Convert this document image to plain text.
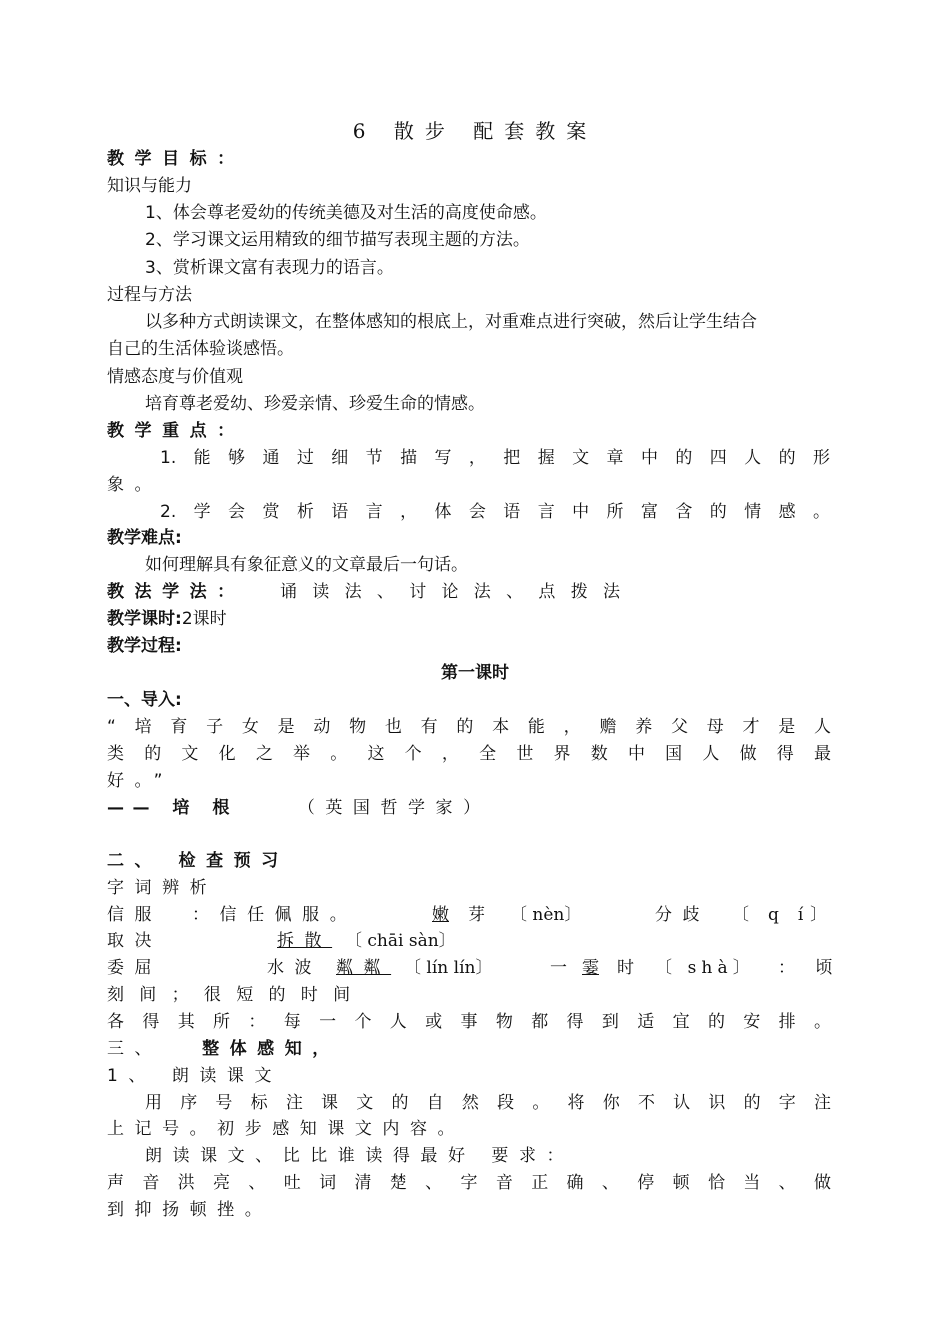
6 散步 配套教案
教学目标：
知识与能力
1、体会尊老爱幼的传统美德及对生活的高度使命感。
2、学习课文运用精致的细节描写表现主题的方法。
3、赏析课文富有表现力的语言。
过程与方法
以多种方式朗读课文，在整体感知的根底上，对重难点进行突破，然后让学生结合
自己的生活体验谈感悟。
情感态度与价值观
培育尊老爱幼、珍爱亲情、珍爱生命的情感。
教学重点：
1.能够通过细节描写，把握文章中的四人的形
象。
2.学会赏析语言，体会语言中所富含的情感。
教学难点:
如何理解具有象征意义的文章最后一句话。
教法学法： 诵读法、讨论法、点拨法
教学课时:2课时
教学过程:
第一课时
一、导入:
“培育子女是动物也有的本能，赡养父母才是人
类的文化之举。这个，全世界数中国人做得最
好。”
—— 培 根	（英国哲学家）
二、 检查预习
字词辨析
信服 ：信任佩服。	嫩 芽 〔 nèn〕	分歧 〔 q í〕
取决	拆散 〔 chāi sàn〕
委屈	水波 粼粼 〔 lín lín〕	一 霎 时 〔 shà〕 ：顷
刻间；很短的时间
各得其所：每一个人或事物都得到适宜的安排。
三、 整体感知，
1、 朗读课文
用序号标注课文的自然段。将你不认识的字注
上记号。初步感知课文内容。
朗读课文、比比谁读得最好 要求：
声音洪亮、吐词清楚、字音正确、停顿恰当、做
到抑扬顿挫。
